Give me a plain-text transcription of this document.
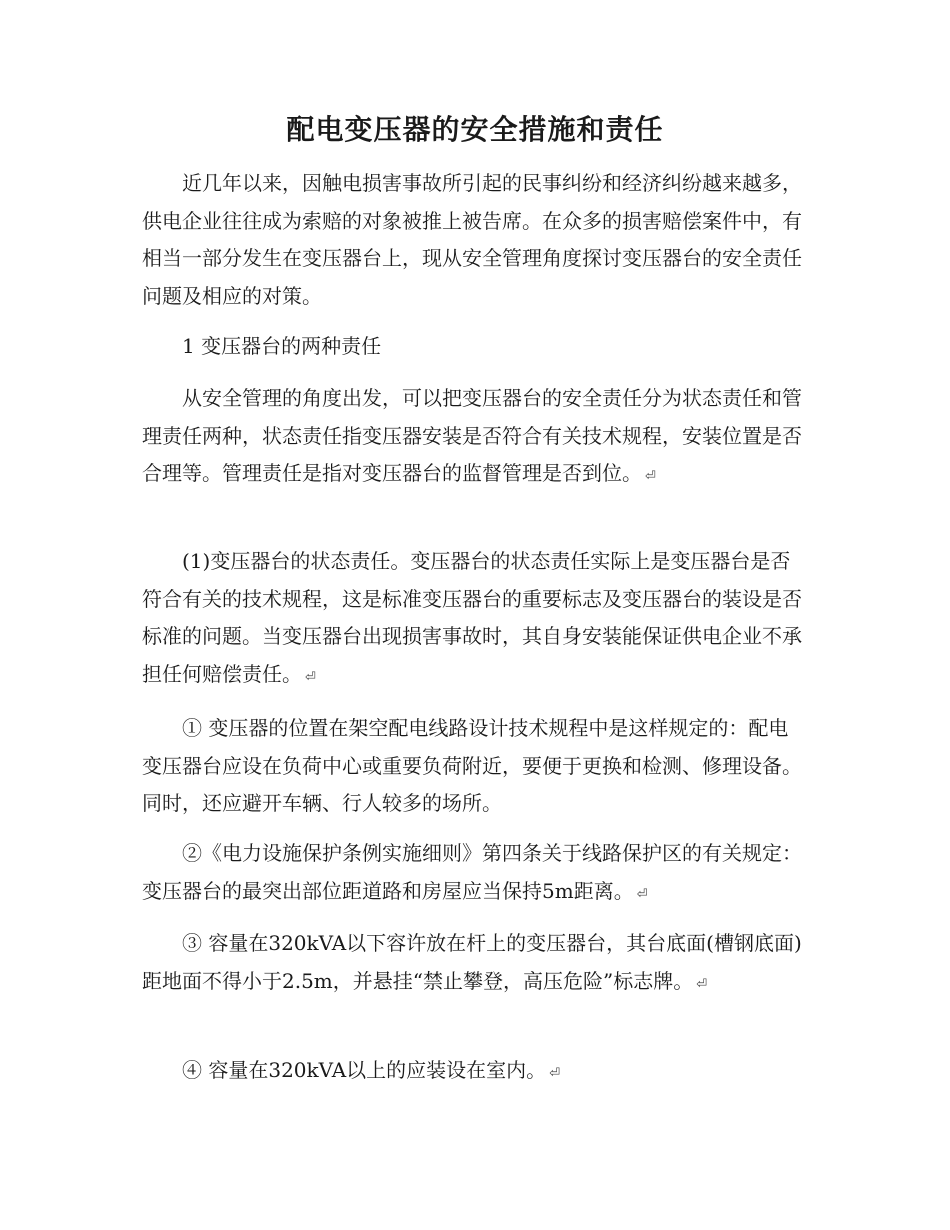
配电变压器的安全措施和责任

近几年以来，因触电损害事故所引起的民事纠纷和经济纠纷越来越多，供电企业往往成为索赔的对象被推上被告席。在众多的损害赔偿案件中，有相当一部分发生在变压器台上，现从安全管理角度探讨变压器台的安全责任问题及相应的对策。

1 变压器台的两种责任

从安全管理的角度出发，可以把变压器台的安全责任分为状态责任和管理责任两种，状态责任指变压器安装是否符合有关技术规程，安装位置是否合理等。管理责任是指对变压器台的监督管理是否到位。 ⏎

(1)变压器台的状态责任。变压器台的状态责任实际上是变压器台是否符合有关的技术规程，这是标准变压器台的重要标志及变压器台的装设是否标准的问题。当变压器台出现损害事故时，其自身安装能保证供电企业不承担任何赔偿责任。 ⏎

① 变压器的位置在架空配电线路设计技术规程中是这样规定的：配电变压器台应设在负荷中心或重要负荷附近，要便于更换和检测、修理设备。同时，还应避开车辆、行人较多的场所。

②《电力设施保护条例实施细则》第四条关于线路保护区的有关规定：变压器台的最突出部位距道路和房屋应当保持5m距离。 ⏎

③ 容量在320kVA以下容许放在杆上的变压器台，其台底面(槽钢底面)距地面不得小于2.5m，并悬挂“禁止攀登，高压危险”标志牌。 ⏎

④ 容量在320kVA以上的应装设在室内。 ⏎
